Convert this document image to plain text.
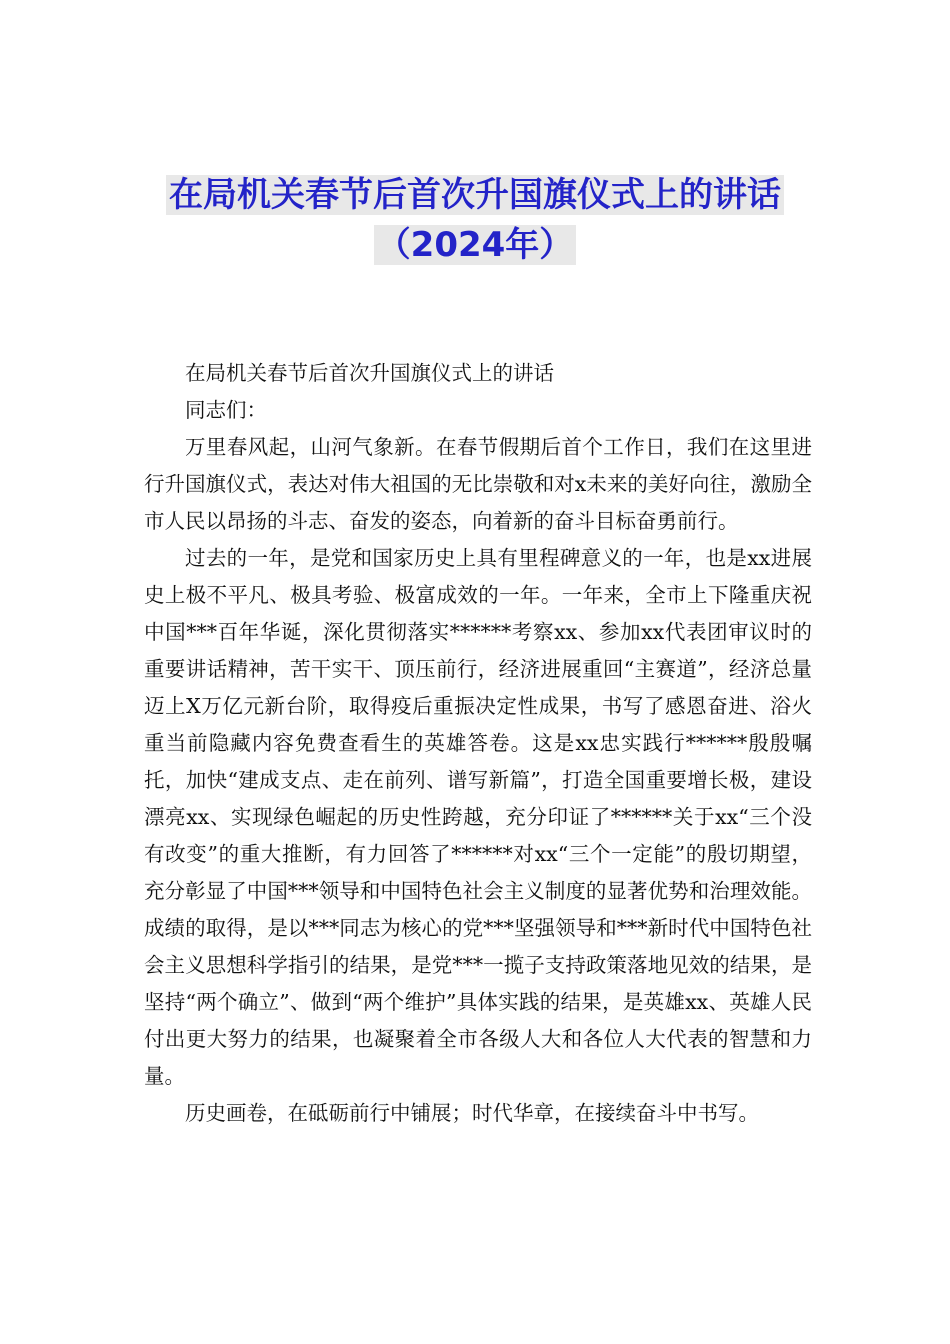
在局机关春节后首次升国旗仪式上的讲话（2024年）

在局机关春节后首次升国旗仪式上的讲话

同志们：

万里春风起，山河气象新。在春节假期后首个工作日，我们在这里进行升国旗仪式，表达对伟大祖国的无比崇敬和对x未来的美好向往，激励全市人民以昂扬的斗志、奋发的姿态，向着新的奋斗目标奋勇前行。

过去的一年，是党和国家历史上具有里程碑意义的一年，也是xx进展史上极不平凡、极具考验、极富成效的一年。一年来，全市上下隆重庆祝中国***百年华诞，深化贯彻落实******考察xx、参加xx代表团审议时的重要讲话精神，苦干实干、顶压前行，经济进展重回“主赛道”，经济总量迈上X万亿元新台阶，取得疫后重振决定性成果，书写了感恩奋进、浴火重当前隐藏内容免费查看生的英雄答卷。这是xx忠实践行******殷殷嘱托，加快“建成支点、走在前列、谱写新篇”，打造全国重要增长极，建设漂亮xx、实现绿色崛起的历史性跨越，充分印证了******关于xx“三个没有改变”的重大推断，有力回答了******对xx“三个一定能”的殷切期望，充分彰显了中国***领导和中国特色社会主义制度的显著优势和治理效能。成绩的取得，是以***同志为核心的党***坚强领导和***新时代中国特色社会主义思想科学指引的结果，是党***一揽子支持政策落地见效的结果，是坚持“两个确立”、做到“两个维护”具体实践的结果，是英雄xx、英雄人民付出更大努力的结果，也凝聚着全市各级人大和各位人大代表的智慧和力量。

历史画卷，在砥砺前行中铺展；时代华章，在接续奋斗中书写。
